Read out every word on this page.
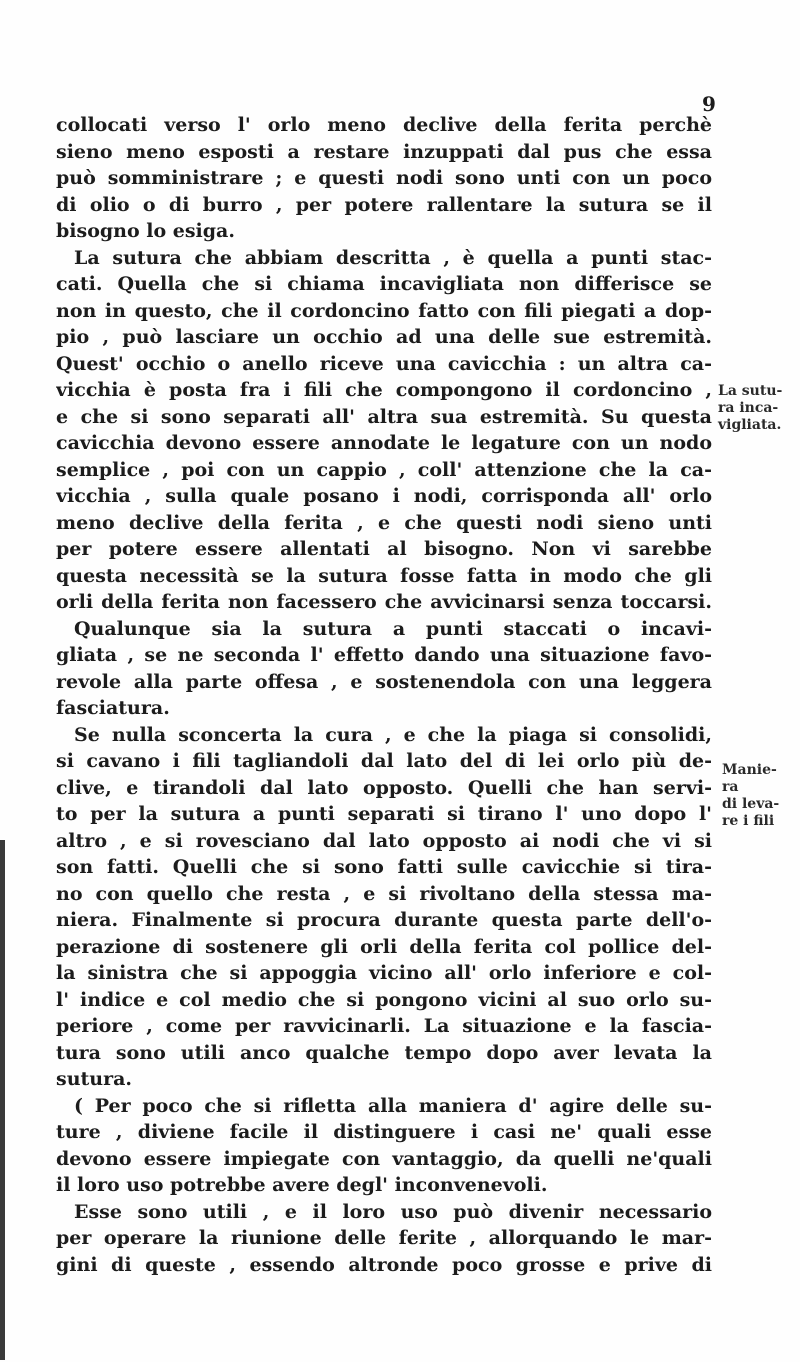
9
collocati verso l' orlo meno declive della ferita perchè
sieno meno esposti a restare inzuppati dal pus che essa
può somministrare ; e questi nodi sono unti con un poco
di olio o di burro , per potere rallentare la sutura se il
bisogno lo esiga.
La sutura che abbiam descritta , è quella a punti stac-
cati. Quella che si chiama incavigliata non differisce se
non in questo, che il cordoncino fatto con fili piegati a dop-
pio , può lasciare un occhio ad una delle sue estremità.
Quest' occhio o anello riceve una cavicchia : un altra ca-
vicchia è posta fra i fili che compongono il cordoncino ,
e che si sono separati all' altra sua estremità. Su questa
cavicchia devono essere annodate le legature con un nodo
semplice , poi con un cappio , coll' attenzione che la ca-
vicchia , sulla quale posano i nodi, corrisponda all' orlo
meno declive della ferita , e che questi nodi sieno unti
per potere essere allentati al bisogno. Non vi sarebbe
questa necessità se la sutura fosse fatta in modo che gli
orli della ferita non facessero che avvicinarsi senza toccarsi.
Qualunque sia la sutura a punti staccati o incavi-
gliata , se ne seconda l' effetto dando una situazione favo-
revole alla parte offesa , e sostenendola con una leggera
fasciatura.
Se nulla sconcerta la cura , e che la piaga si consolidi,
si cavano i fili tagliandoli dal lato del di lei orlo più de-
clive, e tirandoli dal lato opposto. Quelli che han servi-
to per la sutura a punti separati si tirano l' uno dopo l'
altro , e si rovesciano dal lato opposto ai nodi che vi si
son fatti. Quelli che si sono fatti sulle cavicchie si tira-
no con quello che resta , e si rivoltano della stessa ma-
niera. Finalmente si procura durante questa parte dell'o-
perazione di sostenere gli orli della ferita col pollice del-
la sinistra che si appoggia vicino all' orlo inferiore e col-
l' indice e col medio che si pongono vicini al suo orlo su-
periore , come per ravvicinarli. La situazione e la fascia-
tura sono utili anco qualche tempo dopo aver levata la
sutura.
( Per poco che si rifletta alla maniera d' agire delle su-
ture , diviene facile il distinguere i casi ne' quali esse
devono essere impiegate con vantaggio, da quelli ne'quali
il loro uso potrebbe avere degl' inconvenevoli.
Esse sono utili , e il loro uso può divenir necessario
per operare la riunione delle ferite , allorquando le mar-
gini di queste , essendo altronde poco grosse e prive di
La sutu-
ra inca-
vigliata.
Manie-
ra
di leva-
re i fili
